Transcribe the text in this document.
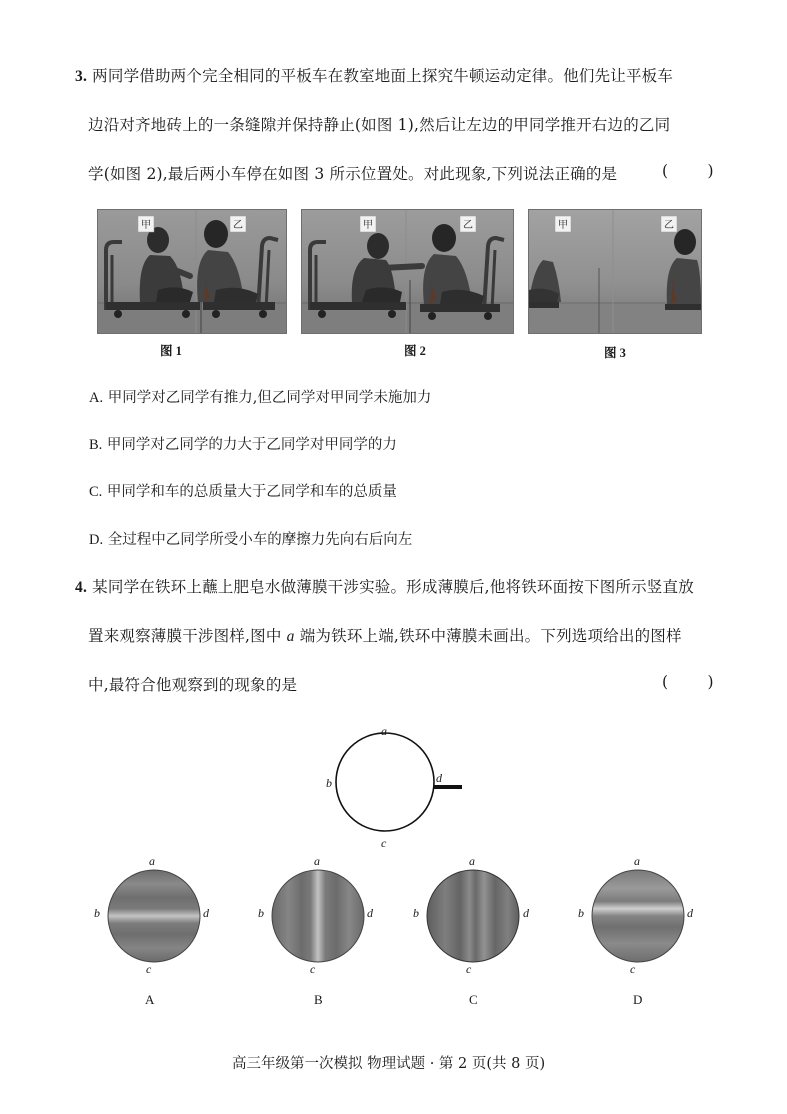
3. 两同学借助两个完全相同的平板车在教室地面上探究牛顿运动定律。他们先让平板车
边沿对齐地砖上的一条缝隙并保持静止(如图 1),然后让左边的甲同学推开右边的乙同
学(如图 2),最后两小车停在如图 3 所示位置处。对此现象,下列说法正确的是	(        )
甲	乙
图 1
甲	乙
图 2
甲	乙
图 3
A. 甲同学对乙同学有推力,但乙同学对甲同学未施加力
B. 甲同学对乙同学的力大于乙同学对甲同学的力
C. 甲同学和车的总质量大于乙同学和车的总质量
D. 全过程中乙同学所受小车的摩擦力先向右后向左
4. 某同学在铁环上蘸上肥皂水做薄膜干涉实验。形成薄膜后,他将铁环面按下图所示竖直放
置来观察薄膜干涉图样,图中 a 端为铁环上端,铁环中薄膜未画出。下列选项给出的图样
中,最符合他观察到的现象的是	(        )
a
b	d
c
a
b	d
c
A
a
b	d
c
B
a
b	d
c
C
a
b	d
c
D
高三年级第一次模拟 物理试题 · 第 2 页(共 8 页)
